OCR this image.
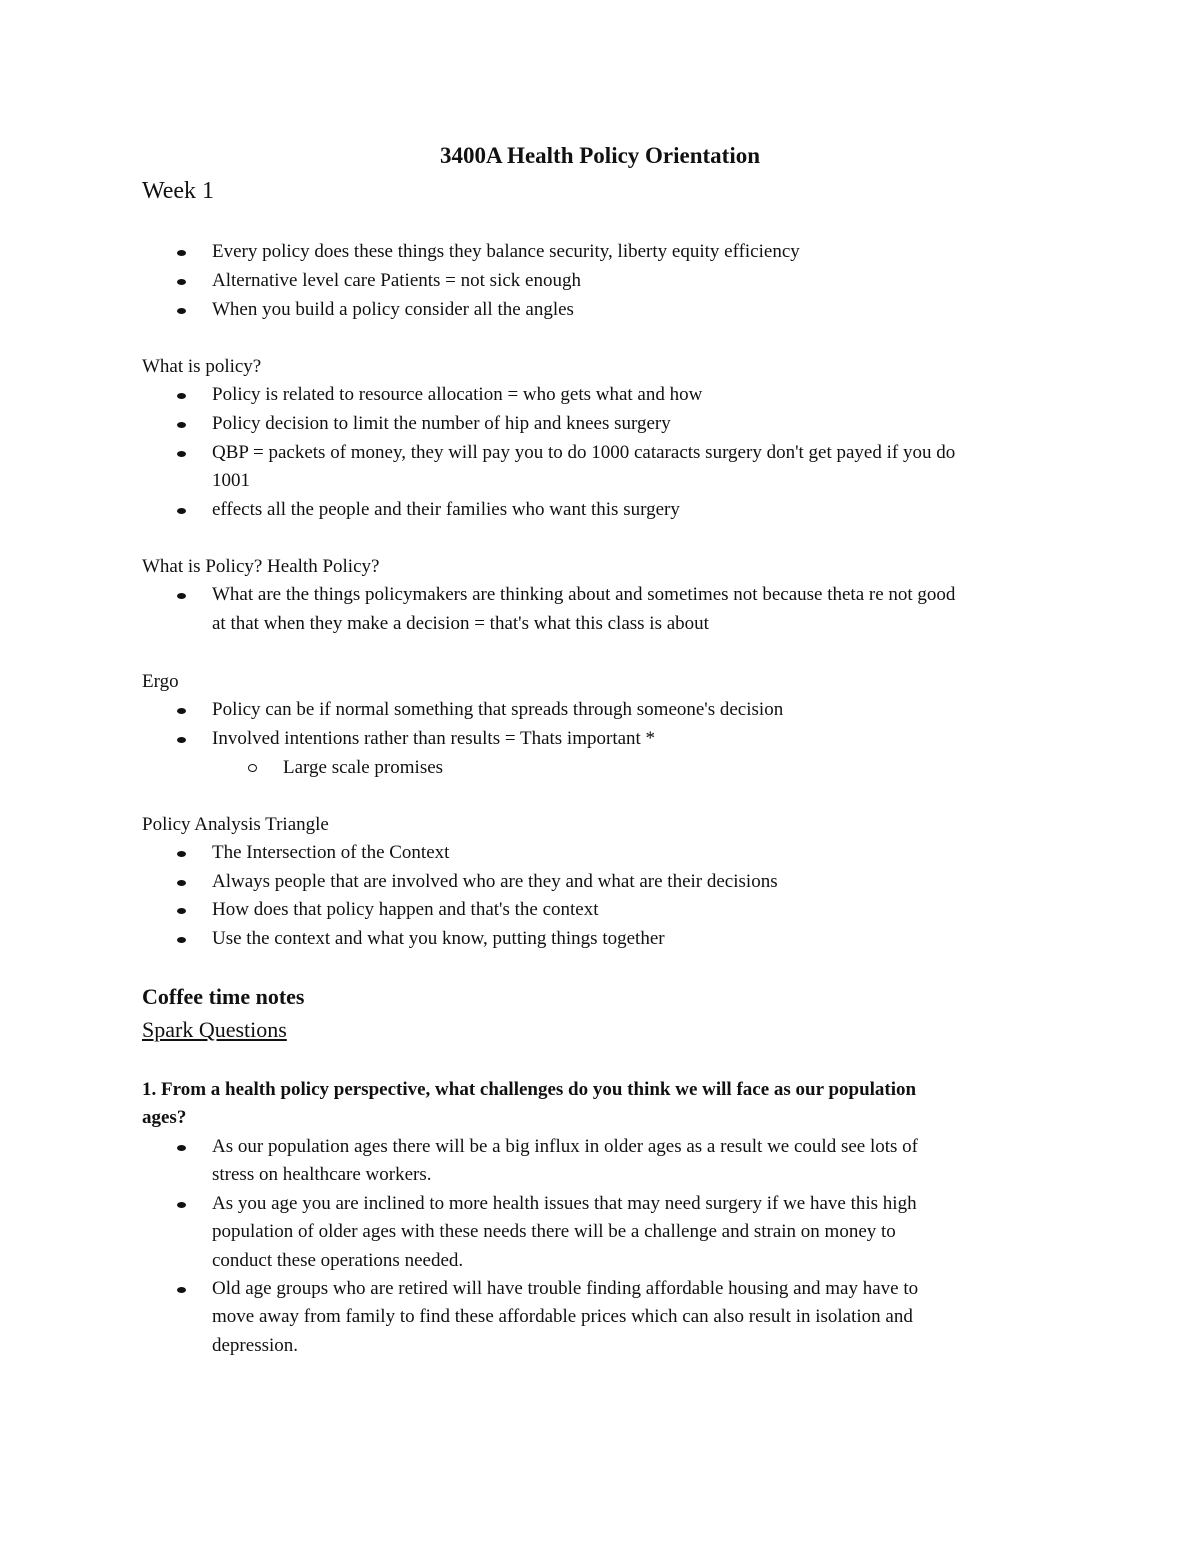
3400A Health Policy Orientation
Week 1

Every policy does these things they balance security, liberty equity efficiency

Alternative level care Patients = not sick enough

When you build a policy consider all the angles

What is policy?

Policy is related to resource allocation = who gets what and how

Policy decision to limit the number of hip and knees surgery

QBP = packets of money, they will pay you to do 1000 cataracts surgery don't get payed if you do

1001

effects all the people and their families who want this surgery

What is Policy? Health Policy?

What are the things policymakers are thinking about and sometimes not because theta re not good

at that when they make a decision = that's what this class is about

Ergo

Policy can be if normal something that spreads through someone's decision

Involved intentions rather than results = Thats important *

Large scale promises

Policy Analysis Triangle

The Intersection of the Context

Always people that are involved who are they and what are their decisions

How does that policy happen and that's the context

Use the context and what you know, putting things together

Coffee time notes

Spark Questions

1. From a health policy perspective, what challenges do you think we will face as our population

ages?

As our population ages there will be a big influx in older ages as a result we could see lots of

stress on healthcare workers.

As you age you are inclined to more health issues that may need surgery if we have this high

population of older ages with these needs there will be a challenge and strain on money to

conduct these operations needed.

Old age groups who are retired will have trouble finding affordable housing and may have to

move away from family to find these affordable prices which can also result in isolation and

depression.
